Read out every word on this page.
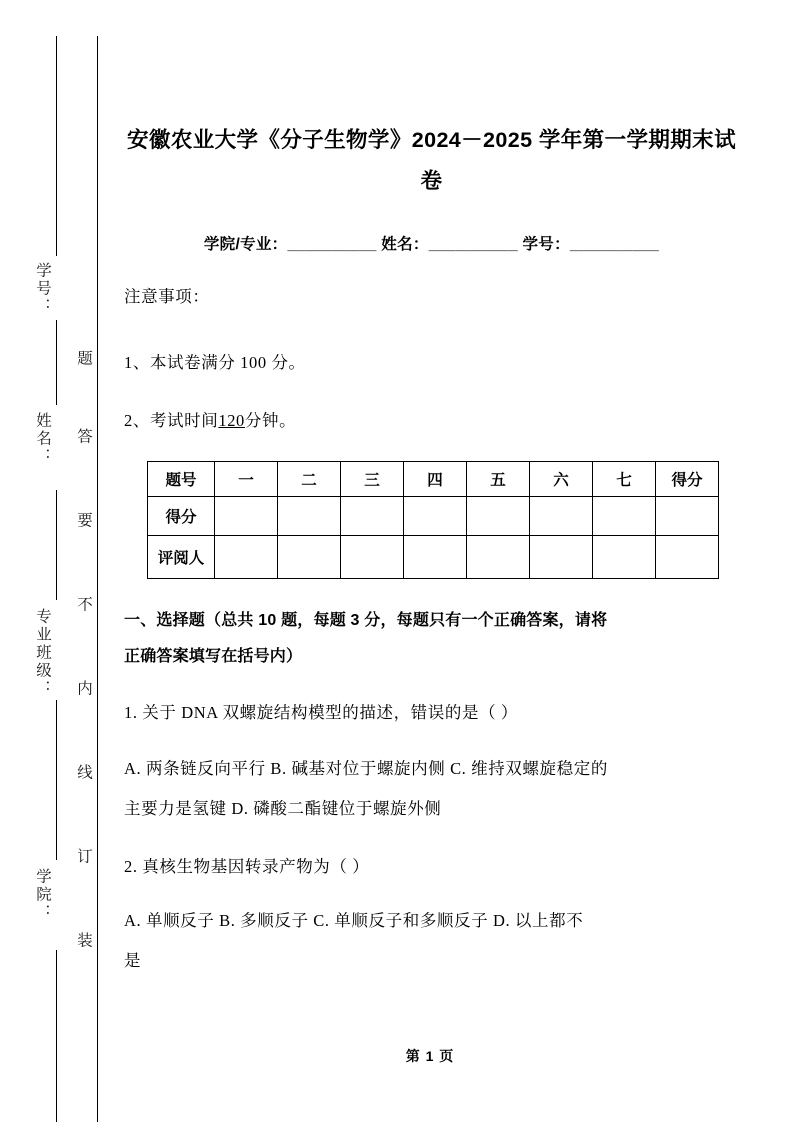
学号：
姓名：
专业班级：
学院：
题
答
要
不
内
线
订
装
安徽农业大学《分子生物学》2024－2025 学年第一学期期末试卷
学院/专业：__________ 姓名：__________ 学号：__________
注意事项：
1、本试卷满分 100 分。
2、考试时间120分钟。
题号	一	二	三	四	五	六	七	得分
得分								
评阅人								
一、选择题（总共 10 题，每题 3 分，每题只有一个正确答案，请将
正确答案填写在括号内）
1. 关于 DNA 双螺旋结构模型的描述，错误的是（ ）
A. 两条链反向平行 B. 碱基对位于螺旋内侧 C. 维持双螺旋稳定的
主要力是氢键 D. 磷酸二酯键位于螺旋外侧
2. 真核生物基因转录产物为（ ）
A. 单顺反子 B. 多顺反子 C. 单顺反子和多顺反子 D. 以上都不
是
第 1 页
